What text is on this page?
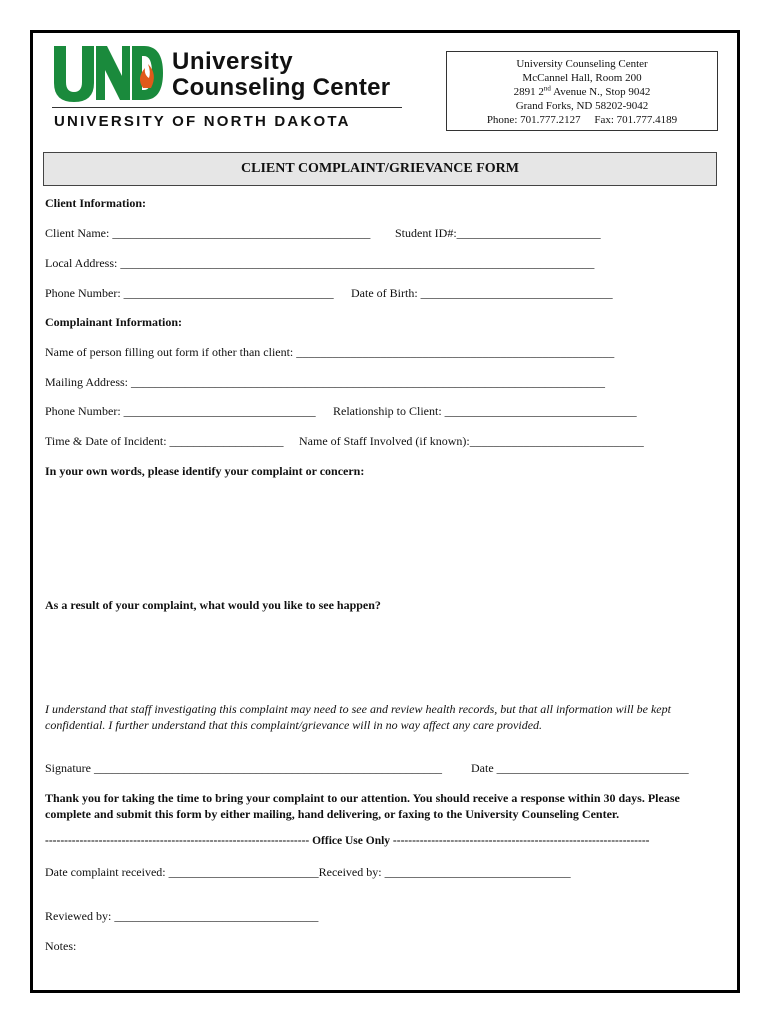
University
Counseling Center
UNIVERSITY OF NORTH DAKOTA
University Counseling Center
McCannel Hall, Room 200
2891 2nd Avenue N., Stop 9042
Grand Forks, ND 58202-9042
Phone: 701.777.2127     Fax: 701.777.4189
CLIENT COMPLAINT/GRIEVANCE FORM
Client Information:
Client Name: ___________________________________________ Student ID#:________________________
Local Address: _______________________________________________________________________________
Phone Number: ___________________________________ Date of Birth: ________________________________
Complainant Information:
Name of person filling out form if other than client: _____________________________________________________
Mailing Address: _______________________________________________________________________________
Phone Number: ________________________________ Relationship to Client: ________________________________
Time & Date of Incident: ___________________ Name of Staff Involved (if known):_____________________________
In your own words, please identify your complaint or concern:
As a result of your complaint, what would you like to see happen?
I understand that staff investigating this complaint may need to see and review health records, but that all information will be kept
confidential. I further understand that this complaint/grievance will in no way affect any care provided.
Signature __________________________________________________________ Date ________________________________
Thank you for taking the time to bring your complaint to our attention. You should receive a response within 30 days. Please
complete and submit this form by either mailing, hand delivering, or faxing to the University Counseling Center.
--------------------------------------------------------------------- Office Use Only -------------------------------------------------------------------
Date complaint received: _________________________Received by: _______________________________
Reviewed by: __________________________________
Notes:
